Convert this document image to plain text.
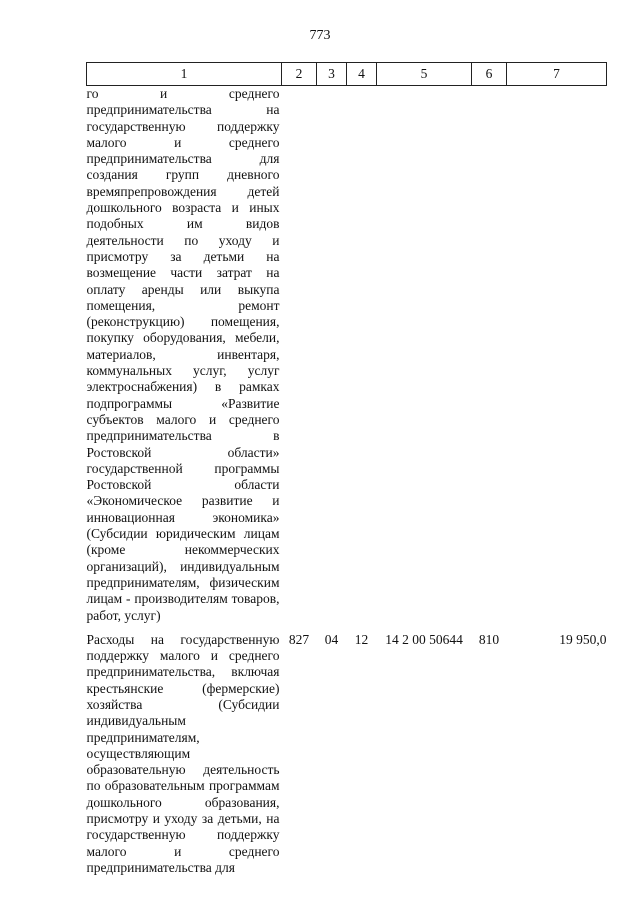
773
1	2	3	4	5	6	7
го и среднего предпринимательства на государственную поддержку малого и среднего предпринимательства для создания групп дневного времяпрепровождения детей дошкольного возраста и иных подобных им видов деятельности по уходу и присмотру за детьми на возмещение части затрат на оплату аренды или выкупа помещения, ремонт (реконструкцию) помещения, покупку оборудования, мебели, материалов, инвентаря, коммунальных услуг, услуг электроснабжения) в рамках подпрограммы «Развитие субъектов малого и среднего предпринимательства в Ростовской области» государственной программы Ростовской области «Экономическое развитие и инновационная экономика» (Субсидии юридическим лицам (кроме некоммерческих организаций), индивидуальным предпринимателям, физическим лицам - производителям товаров, работ, услуг)						
Расходы на государственную поддержку малого и среднего предпринимательства, включая крестьянские (фермерские) хозяйства (Субсидии индивидуальным предпринимателям, осуществляющим образовательную деятельность по образовательным программам дошкольного образования, присмотру и уходу за детьми, на государственную поддержку малого и среднего предпринимательства для	827	04	12	14 2 00 50644	810	19 950,0
